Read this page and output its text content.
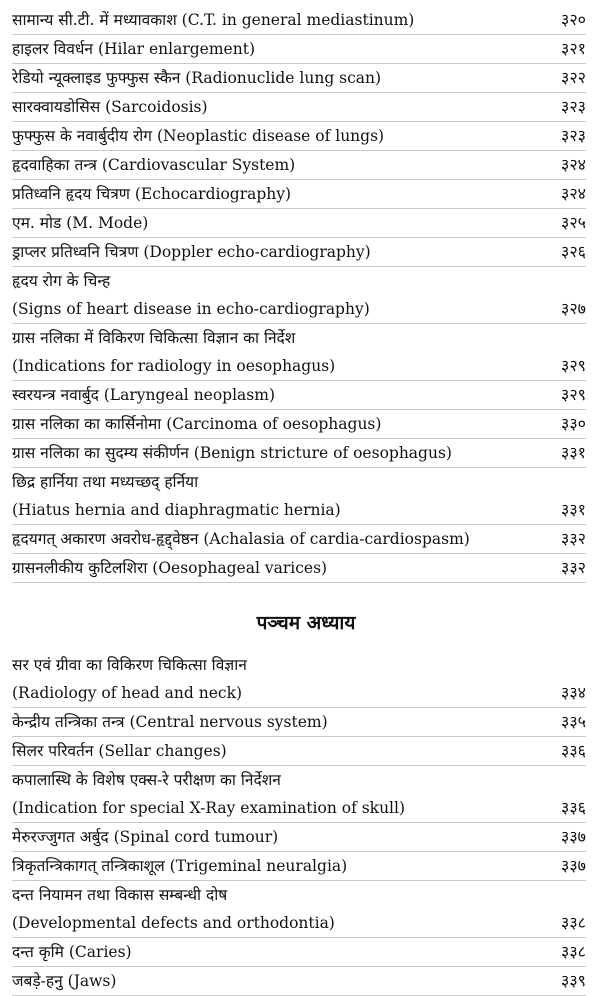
सामान्य सी.टी. में मध्यावकाश (C.T. in general mediastinum)	३२०
हाइलर विवर्धन (Hilar enlargement)	३२१
रेडियो न्यूक्लाइड फुफ्फुस स्कैन (Radionuclide lung scan)	३२२
सारक्वायडोसिस (Sarcoidosis)	३२३
फुफ्फुस के नवार्बुदीय रोग (Neoplastic disease of lungs)	३२३
हृदवाहिका तन्त्र (Cardiovascular System)	३२४
प्रतिध्वनि हृदय चित्रण (Echocardiography)	३२४
एम. मोड (M. Mode)	३२५
ड्राप्लर प्रतिध्वनि चित्रण (Doppler echo-cardiography)	३२६
हृदय रोग के चिन्ह
(Signs of heart disease in echo-cardiography)	३२७
ग्रास नलिका में विकिरण चिकित्सा विज्ञान का निर्देश
(Indications for radiology in oesophagus)	३२९
स्वरयन्त्र नवार्बुद (Laryngeal neoplasm)	३२९
ग्रास नलिका का कार्सिनोमा (Carcinoma of oesophagus)	३३०
ग्रास नलिका का सुदम्य संकीर्णन (Benign stricture of oesophagus)	३३१
छिद्र हार्निया तथा मध्यच्छद् हर्निया
(Hiatus hernia and diaphragmatic hernia)	३३१
हृदयगत् अकारण अवरोध-हृद्द्वेष्ठन (Achalasia of cardia-cardiospasm)	३३२
ग्रासनलीकीय कुटिलशिरा (Oesophageal varices)	३३२
पञ्चम अध्याय
सर एवं ग्रीवा का विकिरण चिकित्सा विज्ञान
(Radiology of head and neck)	३३४
केन्द्रीय तन्त्रिका तन्त्र (Central nervous system)	३३५
सिलर परिवर्तन (Sellar changes)	३३६
कपालास्थि के विशेष एक्स-रे परीक्षण का निर्देशन
(Indication for special X-Ray examination of skull)	३३६
मेरुरज्जुगत अर्बुद (Spinal cord tumour)	३३७
त्रिकृतन्त्रिकागत् तन्त्रिकाशूल (Trigeminal neuralgia)	३३७
दन्त नियामन तथा विकास सम्बन्धी दोष
(Developmental defects and orthodontia)	३३८
दन्त कृमि (Caries)	३३८
जबड़े-हनु (Jaws)	३३९
